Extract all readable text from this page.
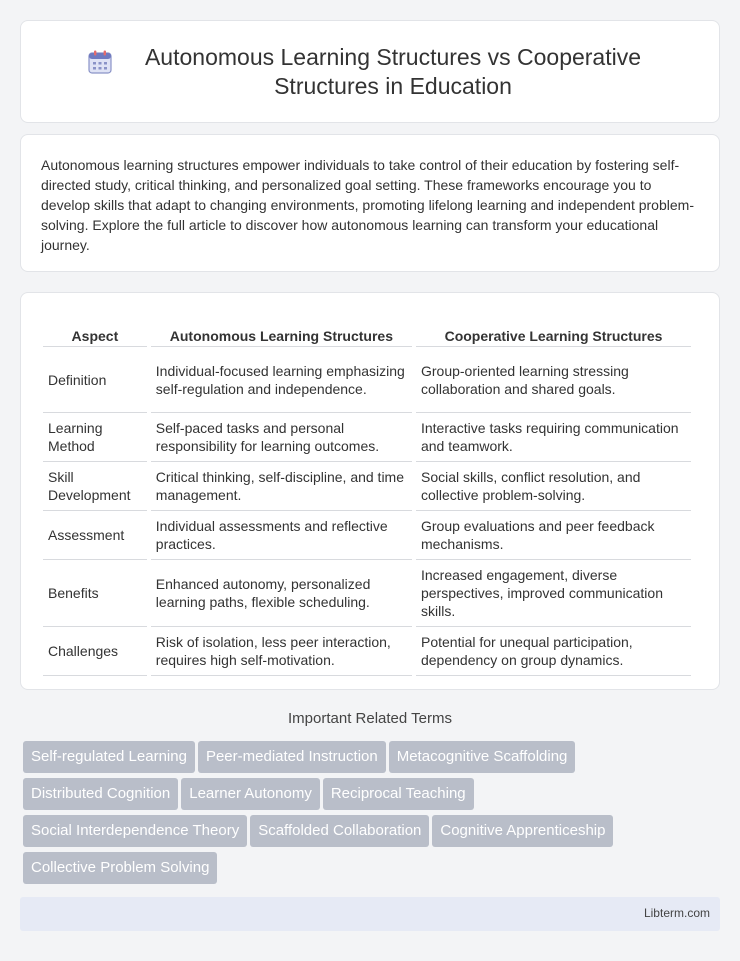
Autonomous Learning Structures vs Cooperative Structures in Education

Autonomous learning structures empower individuals to take control of their education by fostering self-directed study, critical thinking, and personalized goal setting. These frameworks encourage you to develop skills that adapt to changing environments, promoting lifelong learning and independent problem-solving. Explore the full article to discover how autonomous learning can transform your educational journey.

Aspect	Autonomous Learning Structures	Cooperative Learning Structures
Definition	Individual-focused learning emphasizing self-regulation and independence.	Group-oriented learning stressing collaboration and shared goals.
Learning Method	Self-paced tasks and personal responsibility for learning outcomes.	Interactive tasks requiring communication and teamwork.
Skill Development	Critical thinking, self-discipline, and time management.	Social skills, conflict resolution, and collective problem-solving.
Assessment	Individual assessments and reflective practices.	Group evaluations and peer feedback mechanisms.
Benefits	Enhanced autonomy, personalized learning paths, flexible scheduling.	Increased engagement, diverse perspectives, improved communication skills.
Challenges	Risk of isolation, less peer interaction, requires high self-motivation.	Potential for unequal participation, dependency on group dynamics.
Important Related Terms
Self-regulated Learning Peer-mediated Instruction Metacognitive Scaffolding
Distributed Cognition Learner Autonomy Reciprocal Teaching
Social Interdependence Theory Scaffolded Collaboration Cognitive Apprenticeship
Collective Problem Solving
Libterm.com
